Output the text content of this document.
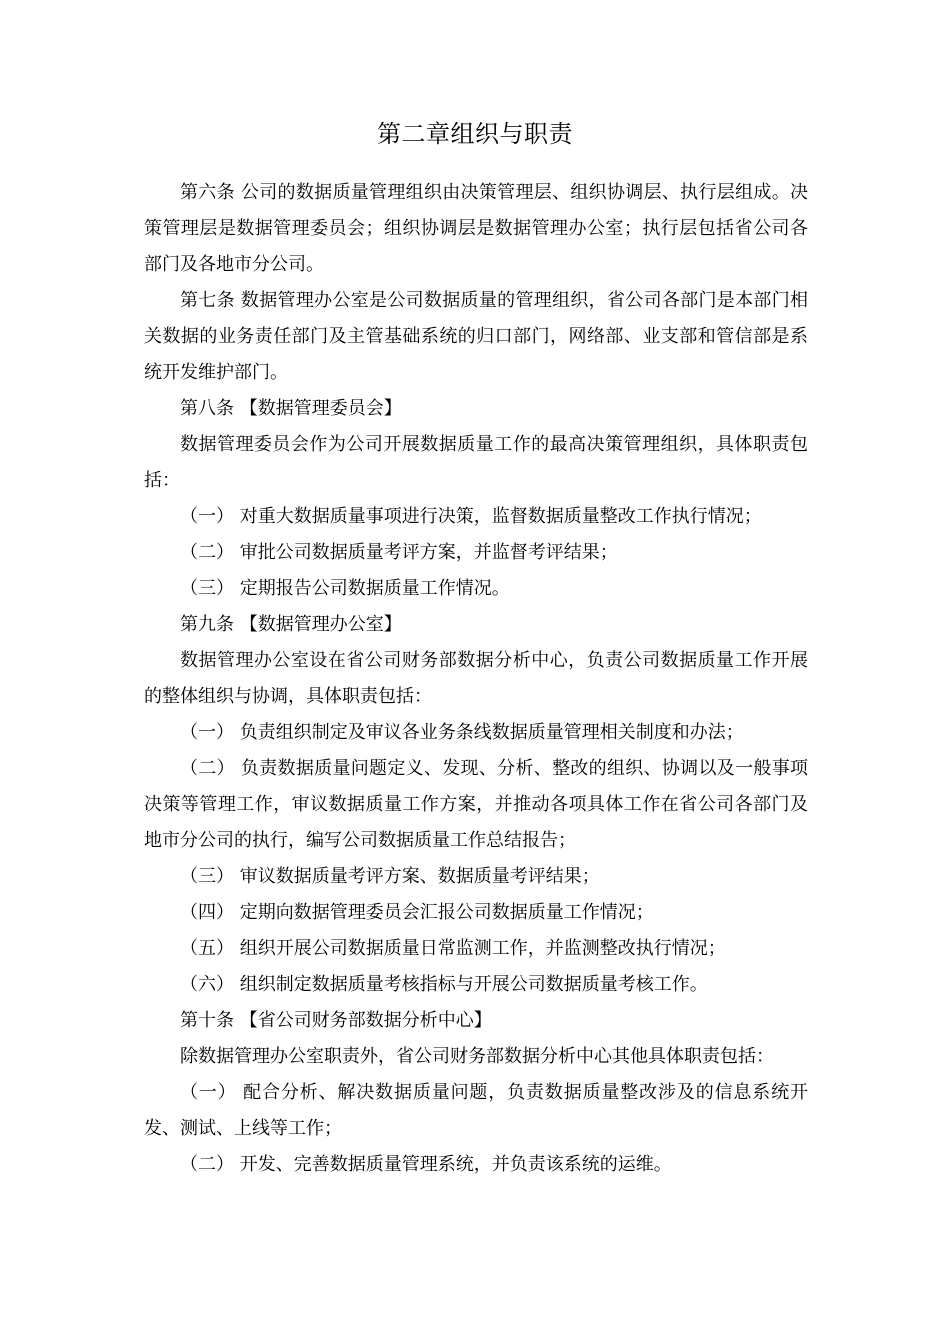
第二章组织与职责

第六条 公司的数据质量管理组织由决策管理层、组织协调层、执行层组成。决策管理层是数据管理委员会；组织协调层是数据管理办公室；执行层包括省公司各部门及各地市分公司。

第七条 数据管理办公室是公司数据质量的管理组织，省公司各部门是本部门相关数据的业务责任部门及主管基础系统的归口部门，网络部、业支部和管信部是系统开发维护部门。

第八条 【数据管理委员会】

数据管理委员会作为公司开展数据质量工作的最高决策管理组织，具体职责包括：

（一） 对重大数据质量事项进行决策，监督数据质量整改工作执行情况；

（二） 审批公司数据质量考评方案，并监督考评结果；

（三） 定期报告公司数据质量工作情况。

第九条 【数据管理办公室】

数据管理办公室设在省公司财务部数据分析中心，负责公司数据质量工作开展的整体组织与协调，具体职责包括：

（一） 负责组织制定及审议各业务条线数据质量管理相关制度和办法；

（二） 负责数据质量问题定义、发现、分析、整改的组织、协调以及一般事项决策等管理工作，审议数据质量工作方案，并推动各项具体工作在省公司各部门及地市分公司的执行，编写公司数据质量工作总结报告；

（三） 审议数据质量考评方案、数据质量考评结果；

（四） 定期向数据管理委员会汇报公司数据质量工作情况；

（五） 组织开展公司数据质量日常监测工作，并监测整改执行情况；

（六） 组织制定数据质量考核指标与开展公司数据质量考核工作。

第十条 【省公司财务部数据分析中心】

除数据管理办公室职责外，省公司财务部数据分析中心其他具体职责包括：

（一） 配合分析、解决数据质量问题，负责数据质量整改涉及的信息系统开发、测试、上线等工作；

（二） 开发、完善数据质量管理系统，并负责该系统的运维。
